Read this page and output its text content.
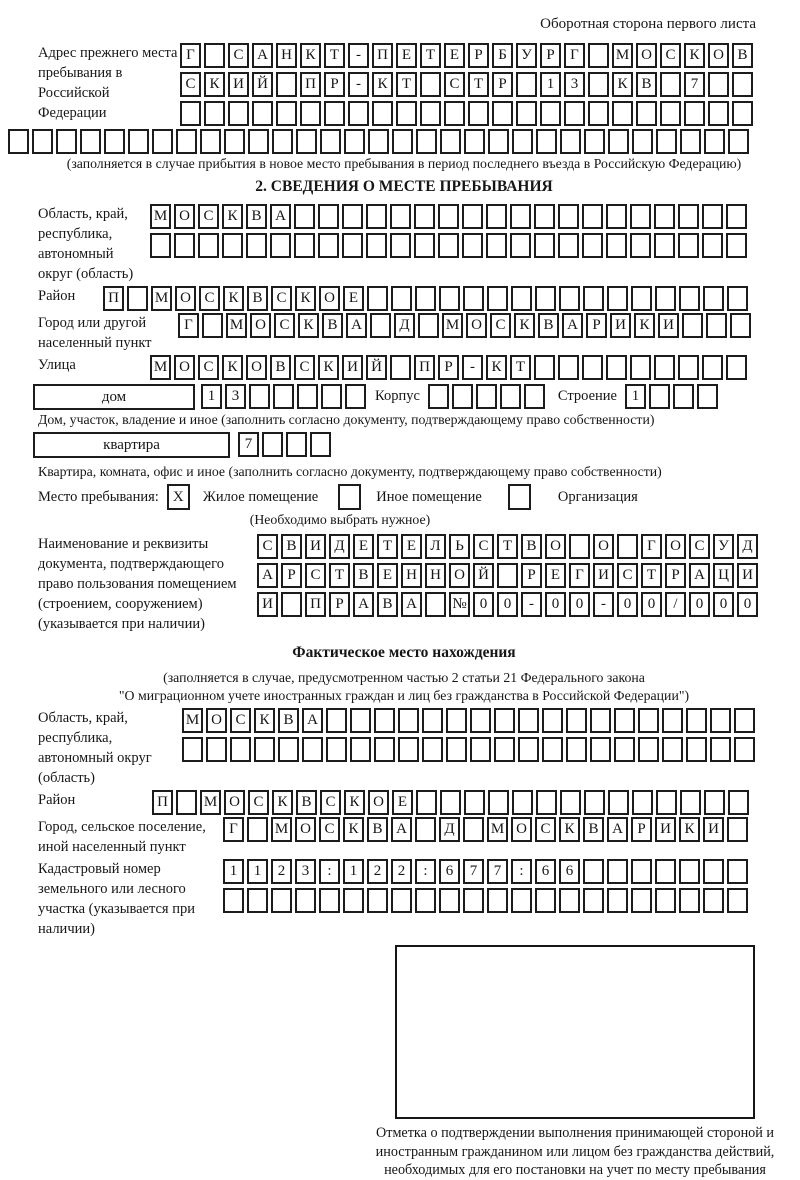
Оборотная сторона первого листа
Адрес прежнего места пребывания в Российской Федерации
Г	С А Н К Т	-	П Е Т Е	Р	Б У Р	Г	М О С К О В
С К И Й	П Р	-	К Т	С Т	Р	1	3	К В	7
(заполняется в случае прибытия в новое место пребывания в период последнего въезда в Российскую Федерацию)
2. СВЕДЕНИЯ О МЕСТЕ ПРЕБЫВАНИЯ
Область, край, республика, автономный округ (область)
М О С К В А
Район	П	М О С К В С К О Е
Город или другой населенный пункт
Г	М О С К В А	Д	М О С К В А Р И К И
Улица	М О С К О В С К И Й	П Р	-	К Т
дом	1	3	Корпус	Строение 1
Дом, участок, владение и иное (заполнить согласно документу, подтверждающему право собственности)
квартира	7
Квартира, комната, офис и иное (заполнить согласно документу, подтверждающему право собственности)
Место пребывания: X	Жилое помещение	Иное помещение	Организация
(Необходимо выбрать нужное)
Наименование и реквизиты документа, подтверждающего право пользования помещением (строением, сооружением) (указывается при наличии)
С В И Д Е Т Е Л Ь С Т В О	О	Г О С У Д
А Р С Т В Е Н Н О Й	Р	Е	Г И С Т	Р А Ц И
И	П Р А В А	№ 0	0	-	0	0	-	0	0	/	0	0	0
Фактическое место нахождения
(заполняется в случае, предусмотренном частью 2 статьи 21 Федерального закона
"О миграционном учете иностранных граждан и лиц без гражданства в Российской Федерации")
Область, край, республика, автономный округ (область)
М О С К В А
Район	П	М О С К В С К О Е
Город, сельское поселение, иной населенный пункт
Г	М О С К В А	Д	М О С К В А Р И К И
Кадастровый номер земельного или лесного участка (указывается при наличии)
1	1	2	3	:	1	2	2	:	6	7	7	:	6	6
Отметка о подтверждении выполнения принимающей стороной и иностранным гражданином или лицом без гражданства действий, необходимых для его постановки на учет по месту пребывания
